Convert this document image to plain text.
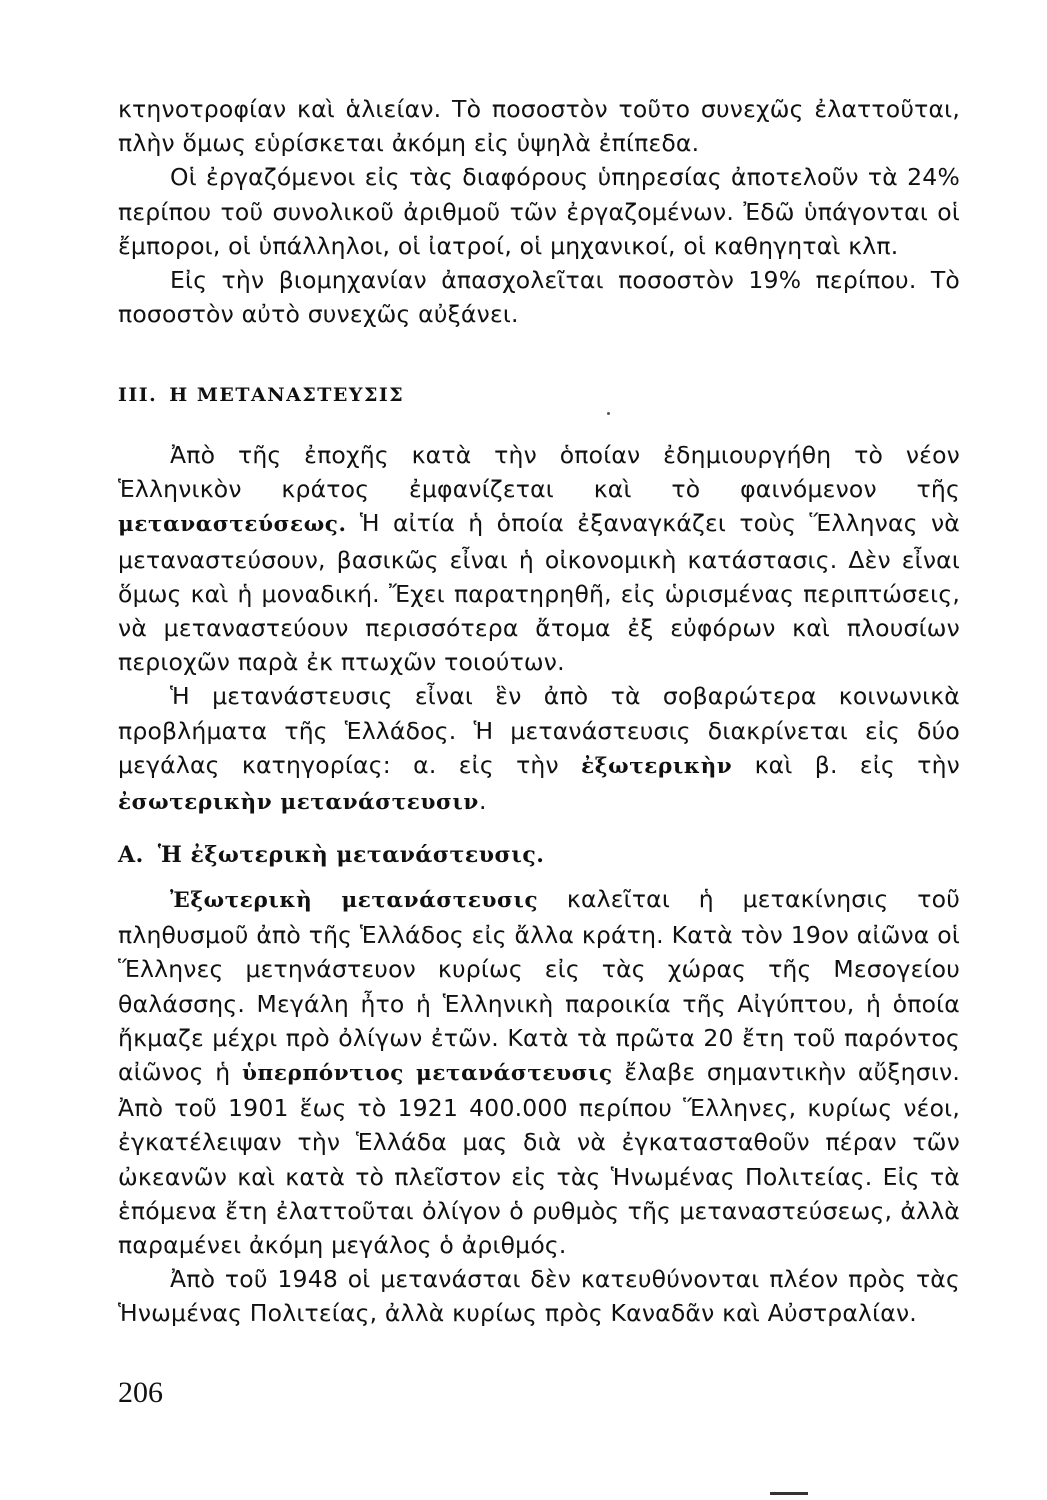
κτηνοτροφίαν καὶ ἁλιείαν. Τὸ ποσοστὸν τοῦτο συνεχῶς ἐλαττοῦται, πλὴν ὅμως εὑρίσκεται ἀκόμη εἰς ὑψηλὰ ἐπίπεδα.

Οἱ ἐργαζόμενοι εἰς τὰς διαφόρους ὑπηρεσίας ἀποτελοῦν τὰ 24% περίπου τοῦ συνολικοῦ ἀριθμοῦ τῶν ἐργαζομένων. Ἐδῶ ὑπάγονται οἱ ἔμποροι, οἱ ὑπάλληλοι, οἱ ἰατροί, οἱ μηχανικοί, οἱ καθηγηταὶ κλπ.

Εἰς τὴν βιομηχανίαν ἀπασχολεῖται ποσοστὸν 19% περίπου. Τὸ ποσοστὸν αὐτὸ συνεχῶς αὐξάνει.

III. Η ΜΕΤΑΝΑΣΤΕΥΣΙΣ

Ἀπὸ τῆς ἐποχῆς κατὰ τὴν ὁποίαν ἐδημιουργήθη τὸ νέον Ἑλληνικὸν κράτος ἐμφανίζεται καὶ τὸ φαινόμενον τῆς μεταναστεύσεως. Ἡ αἰτία ἡ ὁποία ἐξαναγκάζει τοὺς Ἕλληνας νὰ μεταναστεύσουν, βασικῶς εἶναι ἡ οἰκονομικὴ κατάστασις. Δὲν εἶναι ὅμως καὶ ἡ μοναδική. Ἔχει παρατηρηθῆ, εἰς ὡρισμένας περιπτώσεις, νὰ μεταναστεύουν περισσότερα ἄτομα ἐξ εὐφόρων καὶ πλουσίων περιοχῶν παρὰ ἐκ πτωχῶν τοιούτων.

Ἡ μετανάστευσις εἶναι ἓν ἀπὸ τὰ σοβαρώτερα κοινωνικὰ προβλήματα τῆς Ἑλλάδος. Ἡ μετανάστευσις διακρίνεται εἰς δύο μεγάλας κατηγορίας: α. εἰς τὴν ἐξωτερικὴν καὶ β. εἰς τὴν ἐσωτερικὴν μετανάστευσιν.

Α. Ἡ ἐξωτερικὴ μετανάστευσις.

Ἐξωτερικὴ μετανάστευσις καλεῖται ἡ μετακίνησις τοῦ πληθυσμοῦ ἀπὸ τῆς Ἑλλάδος εἰς ἄλλα κράτη. Κατὰ τὸν 19ον αἰῶνα οἱ Ἕλληνες μετηνάστευον κυρίως εἰς τὰς χώρας τῆς Μεσογείου θαλάσσης. Μεγάλη ἦτο ἡ Ἑλληνικὴ παροικία τῆς Αἰγύπτου, ἡ ὁποία ἤκμαζε μέχρι πρὸ ὀλίγων ἐτῶν. Κατὰ τὰ πρῶτα 20 ἔτη τοῦ παρόντος αἰῶνος ἡ ὑπερπόντιος μετανάστευσις ἔλαβε σημαντικὴν αὔξησιν. Ἀπὸ τοῦ 1901 ἕως τὸ 1921 400.000 περίπου Ἕλληνες, κυρίως νέοι, ἐγκατέλειψαν τὴν Ἑλλάδα μας διὰ νὰ ἐγκατασταθοῦν πέραν τῶν ὠκεανῶν καὶ κατὰ τὸ πλεῖστον εἰς τὰς Ἡνωμένας Πολιτείας. Εἰς τὰ ἑπόμενα ἔτη ἐλαττοῦται ὀλίγον ὁ ρυθμὸς τῆς μεταναστεύσεως, ἀλλὰ παραμένει ἀκόμη μεγάλος ὁ ἀριθμός.

Ἀπὸ τοῦ 1948 οἱ μετανάσται δὲν κατευθύνονται πλέον πρὸς τὰς Ἡνωμένας Πολιτείας, ἀλλὰ κυρίως πρὸς Καναδᾶν καὶ Αὐστραλίαν.

206
